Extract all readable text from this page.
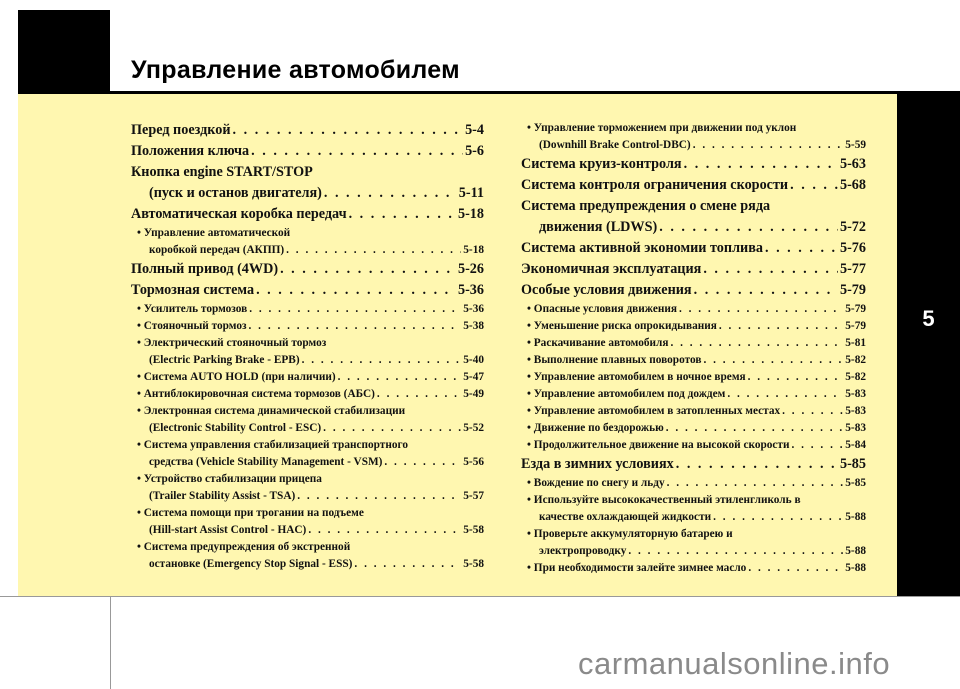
Управление автомобилем
5
Перед поездкой . . .	5-4
Положения ключа . . .	5-6
Кнопка engine START/STOP
(пуск и останов двигателя) . . .	5-11
Автоматическая коробка передач . . .	5-18
• Управление автоматической
коробкой передач (АКПП) . . .	5-18
Полный привод (4WD) . . .	5-26
Тормозная система . . .	5-36
• Усилитель тормозов . . .	5-36
• Стояночный тормоз . . .	5-38
• Электрический стояночный тормоз
(Electric Parking Brake - EPB) . . .	5-40
• Система AUTO HOLD (при наличии) . . .	5-47
• Антиблокировочная система тормозов (АБС) . . .	5-49
• Электронная система динамической стабилизации
(Electronic Stability Control - ESC) . . .	5-52
• Система управления стабилизацией транспортного
средства (Vehicle Stability Management - VSM) . . .	5-56
• Устройство стабилизации прицепа
(Trailer Stability Assist - TSA) . . .	5-57
• Система помощи при трогании на подъеме
(Hill-start Assist Control - HAC) . . .	5-58
• Система предупреждения об экстренной
остановке (Emergency Stop Signal - ESS) . . .	5-58
• Управление торможением при движении под уклон
(Downhill Brake Control-DBC) . . .	5-59
Система круиз-контроля . . .	5-63
Система контроля ограничения скорости . . .	5-68
Система предупреждения о смене ряда
движения (LDWS) . . .	5-72
Система активной экономии топлива . . .	5-76
Экономичная эксплуатация . . .	5-77
Особые условия движения . . .	5-79
• Опасные условия движения . . .	5-79
• Уменьшение риска опрокидывания . . .	5-79
• Раскачивание автомобиля . . .	5-81
• Выполнение плавных поворотов . . .	5-82
• Управление автомобилем в ночное время . . .	5-82
• Управление автомобилем под дождем . . .	5-83
• Управление автомобилем в затопленных местах . . .	5-83
• Движение по бездорожью . . .	5-83
• Продолжительное движение на высокой скорости . . .	5-84
Езда в зимних условиях . . .	5-85
• Вождение по снегу и льду . . .	5-85
• Используйте высококачественный этиленгликоль в
качестве охлаждающей жидкости . . .	5-88
• Проверьте аккумуляторную батарею и
электропроводку . . .	5-88
• При необходимости залейте зимнее масло . . .	5-88
carmanualsonline.info
